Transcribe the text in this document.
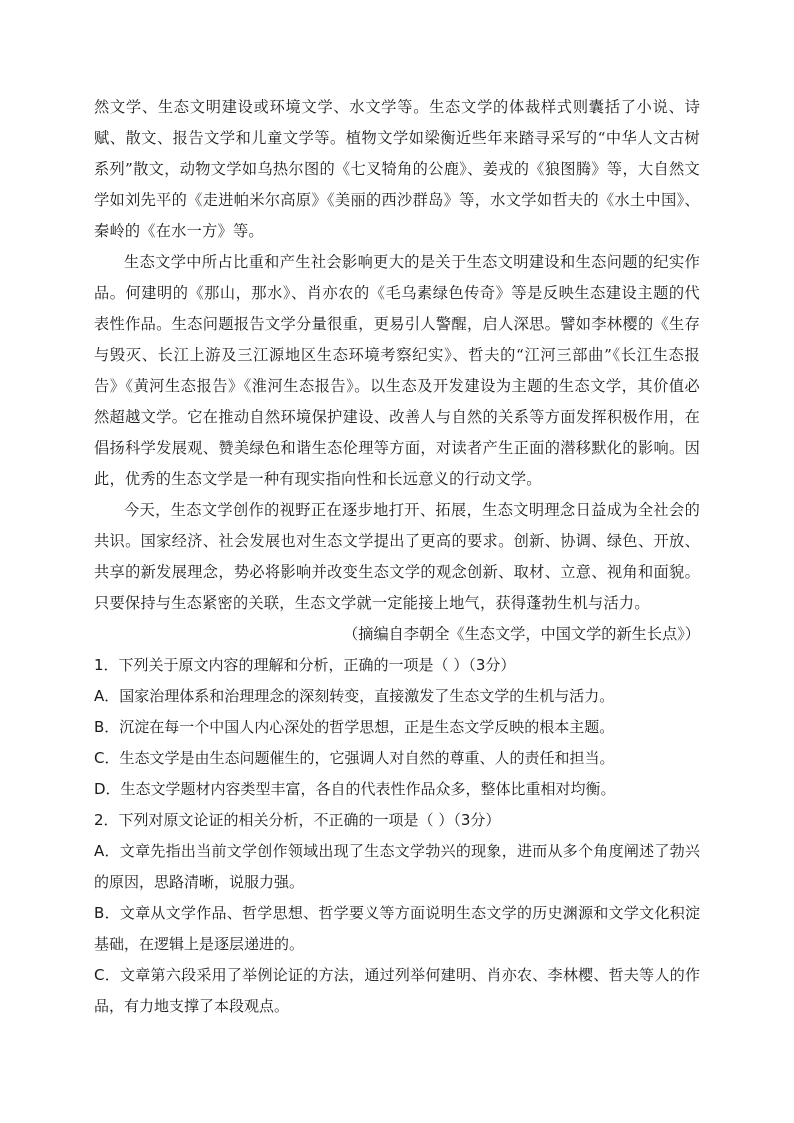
然文学、生态文明建设或环境文学、水文学等。生态文学的体裁样式则囊括了小说、诗赋、散文、报告文学和儿童文学等。植物文学如梁衡近些年来踏寻采写的“中华人文古树系列”散文，动物文学如乌热尔图的《七叉犄角的公鹿》、姜戎的《狼图腾》等，大自然文学如刘先平的《走进帕米尔高原》《美丽的西沙群岛》等，水文学如哲夫的《水土中国》、秦岭的《在水一方》等。

生态文学中所占比重和产生社会影响更大的是关于生态文明建设和生态问题的纪实作品。何建明的《那山，那水》、肖亦农的《毛乌素绿色传奇》等是反映生态建设主题的代表性作品。生态问题报告文学分量很重，更易引人警醒，启人深思。譬如李林樱的《生存与毁灭、长江上游及三江源地区生态环境考察纪实》、哲夫的“江河三部曲”《长江生态报告》《黄河生态报告》《淮河生态报告》。以生态及开发建设为主题的生态文学，其价值必然超越文学。它在推动自然环境保护建设、改善人与自然的关系等方面发挥积极作用，在倡扬科学发展观、赞美绿色和谐生态伦理等方面，对读者产生正面的潜移默化的影响。因此，优秀的生态文学是一种有现实指向性和长远意义的行动文学。

今天，生态文学创作的视野正在逐步地打开、拓展，生态文明理念日益成为全社会的共识。国家经济、社会发展也对生态文学提出了更高的要求。创新、协调、绿色、开放、共享的新发展理念，势必将影响并改变生态文学的观念创新、取材、立意、视角和面貌。只要保持与生态紧密的关联，生态文学就一定能接上地气，获得蓬勃生机与活力。

（摘编自李朝全《生态文学，中国文学的新生长点》）

1．下列关于原文内容的理解和分析，正确的一项是（ ）（3分）

A．国家治理体系和治理理念的深刻转变，直接激发了生态文学的生机与活力。

B．沉淀在每一个中国人内心深处的哲学思想，正是生态文学反映的根本主题。

C．生态文学是由生态问题催生的，它强调人对自然的尊重、人的责任和担当。

D．生态文学题材内容类型丰富，各自的代表性作品众多，整体比重相对均衡。

2．下列对原文论证的相关分析，不正确的一项是（ ）（3分）

A．文章先指出当前文学创作领域出现了生态文学勃兴的现象，进而从多个角度阐述了勃兴的原因，思路清晰，说服力强。

B．文章从文学作品、哲学思想、哲学要义等方面说明生态文学的历史渊源和文学文化积淀基础，在逻辑上是逐层递进的。

C．文章第六段采用了举例论证的方法，通过列举何建明、肖亦农、李林樱、哲夫等人的作品，有力地支撑了本段观点。
